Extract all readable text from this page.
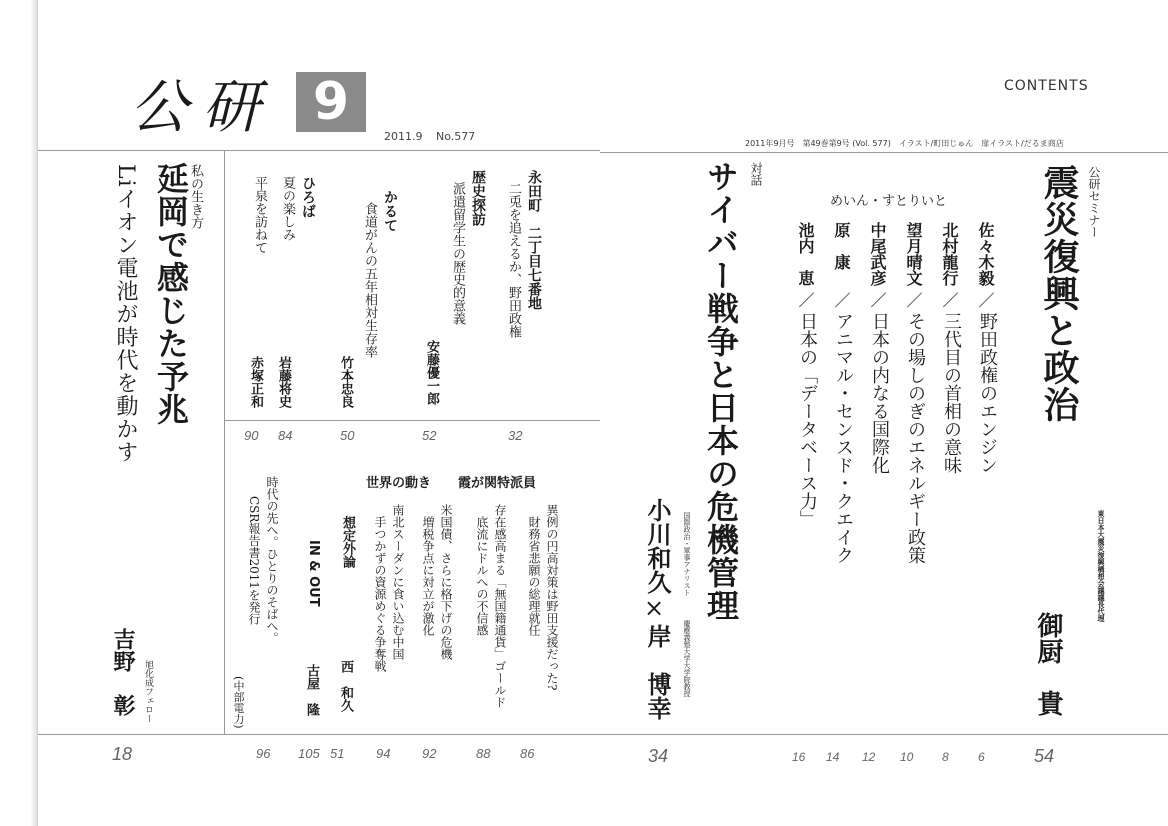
公研 9
2011.9 No.577
私の生き方
延岡で感じた予兆
Liイオン電池が時代を動かす
旭化成フェロー
吉野　彰
18
永田町　二丁目七番地
二兎を追えるか、野田政権
32
歴史探訪
派遣留学生の歴史的意義
安藤優一郎
52
かるて
食道がんの五年相対生存率
竹本忠良
50
ひろば
夏の楽しみ
岩藤将史
84
平泉を訪ねて
赤塚正和
90
霞が関特派員
世界の動き
異例の円高対策は野田支援だった?
財務省悲願の総理就任
86
存在感高まる「無国籍通貨」ゴールド
底流にドルへの不信感
88
米国債、さらに格下げの危機
増税争点に対立が激化
92
南北スーダンに食い込む中国
手つかずの資源めぐる争奪戦
94
想定外論
西　和久
51
IN & OUT
古屋　隆
105
時代の先へ。ひとりのそばへ。
CSR報告書2011を発行
(中部電力)
96
CONTENTS
2011年9月号　第49巻第9号 (Vol. 577)　イラスト/町田じゅん　扉イラスト/だるま商店
公研セミナー
震災復興と政治
東日本大震災復興構想会議議長代理
御厨　貴
54
めいん・すとりいと
佐々木毅
／
野田政権のエンジン
6
北村龍行
／
三代目の首相の意味
8
望月晴文
／
その場しのぎのエネルギー政策
10
中尾武彦
／
日本の内なる国際化
12
原　康
／
アニマル・センスド・クエイク
14
池内　恵
／
日本の「データベース力」
16
対話
サイバー戦争と日本の危機管理
国際政治・軍事アナリスト
小川和久
×
慶應義塾大学大学院教授
岸　博幸
34
